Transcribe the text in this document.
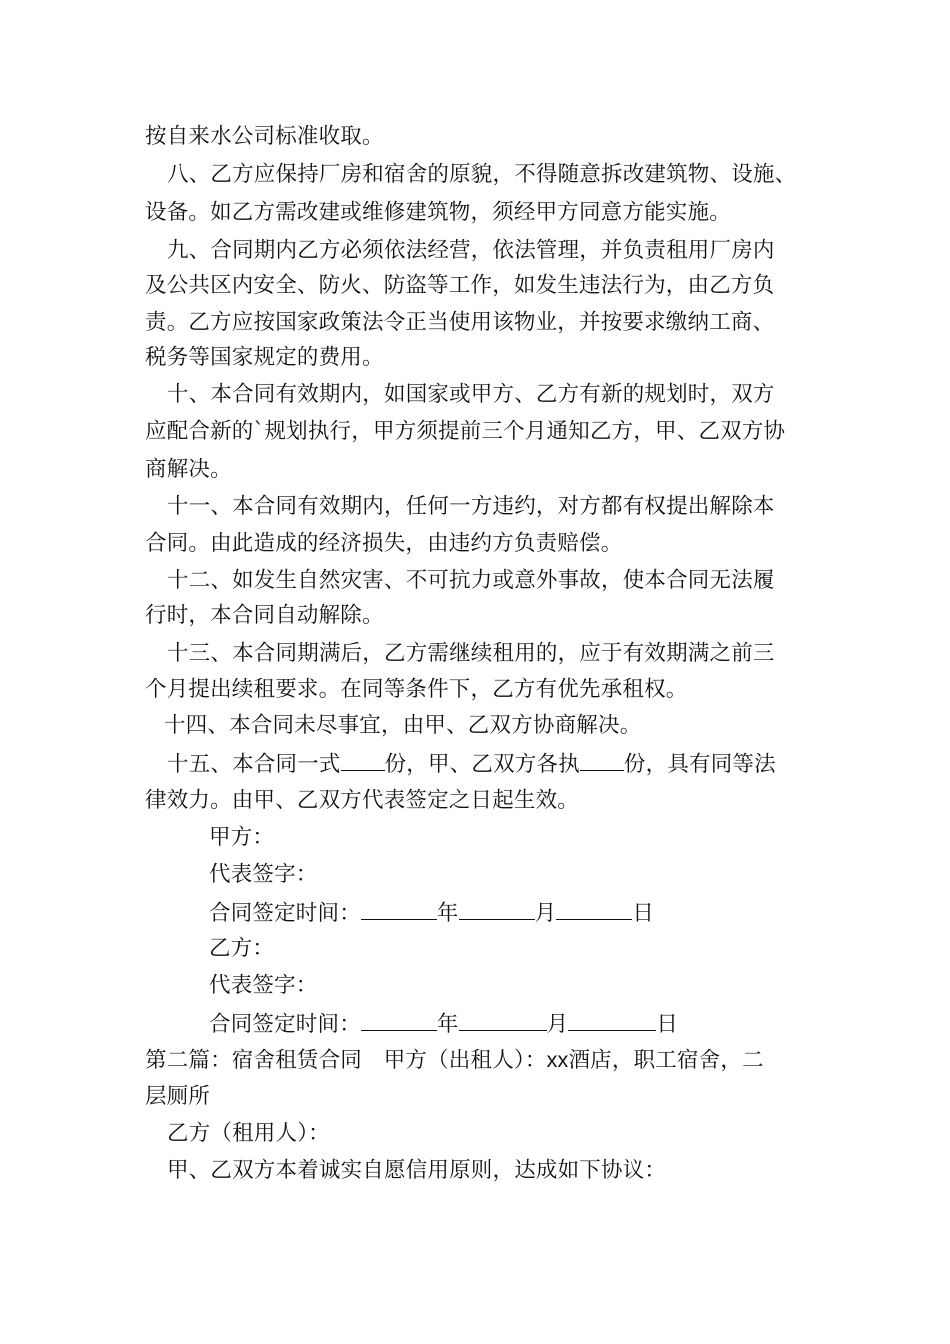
按自来水公司标准收取。
八、乙方应保持厂房和宿舍的原貌，不得随意拆改建筑物、设施、
设备。如乙方需改建或维修建筑物，须经甲方同意方能实施。
九、合同期内乙方必须依法经营，依法管理，并负责租用厂房内
及公共区内安全、防火、防盗等工作，如发生违法行为，由乙方负
责。乙方应按国家政策法令正当使用该物业，并按要求缴纳工商、
税务等国家规定的费用。
十、本合同有效期内，如国家或甲方、乙方有新的规划时，双方
应配合新的`规划执行，甲方须提前三个月通知乙方，甲、乙双方协
商解决。
十一、本合同有效期内，任何一方违约，对方都有权提出解除本
合同。由此造成的经济损失，由违约方负责赔偿。
十二、如发生自然灾害、不可抗力或意外事故，使本合同无法履
行时，本合同自动解除。
十三、本合同期满后，乙方需继续租用的，应于有效期满之前三
个月提出续租要求。在同等条件下，乙方有优先承租权。
十四、本合同未尽事宜，由甲、乙双方协商解决。
十五、本合同一式 份，甲、乙双方各执 份，具有同等法
律效力。由甲、乙双方代表签定之日起生效。
甲方：
代表签字：
合同签定时间：	年	月	日
乙方：
代表签字：
合同签定时间：	年	月	日
第二篇：宿舍租赁合同　甲方（出租人）：xx酒店，职工宿舍，二
层厕所
乙方（租用人）：
甲、乙双方本着诚实自愿信用原则，达成如下协议：
